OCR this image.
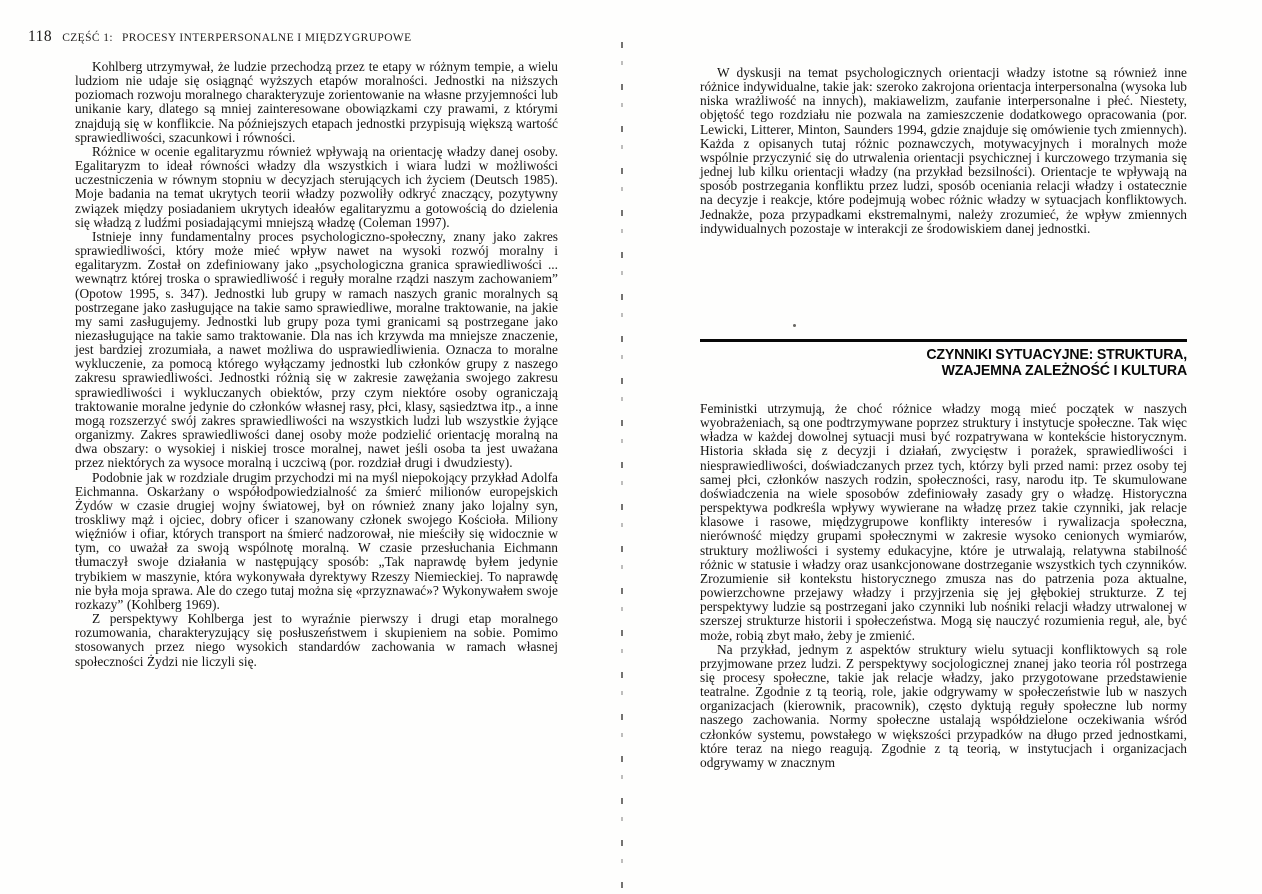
118 CZĘŚĆ 1: PROCESY INTERPERSONALNE I MIĘDZYGRUPOWE

Kohlberg utrzymywał, że ludzie przechodzą przez te etapy w różnym tempie, a wielu ludziom nie udaje się osiągnąć wyższych etapów moralności. Jednostki na niższych poziomach rozwoju moralnego charakteryzuje zorientowanie na własne przyjemności lub unikanie kary, dlatego są mniej zainteresowane obowiązkami czy prawami, z którymi znajdują się w konflikcie. Na późniejszych etapach jednostki przypisują większą wartość sprawiedliwości, szacunkowi i równości.

Różnice w ocenie egalitaryzmu również wpływają na orientację władzy danej osoby. Egalitaryzm to ideał równości władzy dla wszystkich i wiara ludzi w możliwości uczestniczenia w równym stopniu w decyzjach sterujących ich życiem (Deutsch 1985). Moje badania na temat ukrytych teorii władzy pozwoliły odkryć znaczący, pozytywny związek między posiadaniem ukrytych ideałów egalitaryzmu a gotowością do dzielenia się władzą z ludźmi posiadającymi mniejszą władzę (Coleman 1997).

Istnieje inny fundamentalny proces psychologiczno-społeczny, znany jako zakres sprawiedliwości, który może mieć wpływ nawet na wysoki rozwój moralny i egalitaryzm. Został on zdefiniowany jako „psychologiczna granica sprawiedliwości ... wewnątrz której troska o sprawiedliwość i reguły moralne rządzi naszym zachowaniem” (Opotow 1995, s. 347). Jednostki lub grupy w ramach naszych granic moralnych są postrzegane jako zasługujące na takie samo sprawiedliwe, moralne traktowanie, na jakie my sami zasługujemy. Jednostki lub grupy poza tymi granicami są postrzegane jako niezasługujące na takie samo traktowanie. Dla nas ich krzywda ma mniejsze znaczenie, jest bardziej zrozumiała, a nawet możliwa do usprawiedliwienia. Oznacza to moralne wykluczenie, za pomocą którego wyłączamy jednostki lub członków grupy z naszego zakresu sprawiedliwości. Jednostki różnią się w zakresie zawężania swojego zakresu sprawiedliwości i wykluczanych obiektów, przy czym niektóre osoby ograniczają traktowanie moralne jedynie do członków własnej rasy, płci, klasy, sąsiedztwa itp., a inne mogą rozszerzyć swój zakres sprawiedliwości na wszystkich ludzi lub wszystkie żyjące organizmy. Zakres sprawiedliwości danej osoby może podzielić orientację moralną na dwa obszary: o wysokiej i niskiej trosce moralnej, nawet jeśli osoba ta jest uważana przez niektórych za wysoce moralną i uczciwą (por. rozdział drugi i dwudziesty).

Podobnie jak w rozdziale drugim przychodzi mi na myśl niepokojący przykład Adolfa Eichmanna. Oskarżany o współodpowiedzialność za śmierć milionów europejskich Żydów w czasie drugiej wojny światowej, był on również znany jako lojalny syn, troskliwy mąż i ojciec, dobry oficer i szanowany członek swojego Kościoła. Miliony więźniów i ofiar, których transport na śmierć nadzorował, nie mieściły się widocznie w tym, co uważał za swoją wspólnotę moralną. W czasie przesłuchania Eichmann tłumaczył swoje działania w następujący sposób: „Tak naprawdę byłem jedynie trybikiem w maszynie, która wykonywała dyrektywy Rzeszy Niemieckiej. To naprawdę nie była moja sprawa. Ale do czego tutaj można się «przyznawać»? Wykonywałem swoje rozkazy” (Kohlberg 1969).

Z perspektywy Kohlberga jest to wyraźnie pierwszy i drugi etap moralnego rozumowania, charakteryzujący się posłuszeństwem i skupieniem na sobie. Pomimo stosowanych przez niego wysokich standardów zachowania w ramach własnej społeczności Żydzi nie liczyli się.

W dyskusji na temat psychologicznych orientacji władzy istotne są również inne różnice indywidualne, takie jak: szeroko zakrojona orientacja interpersonalna (wysoka lub niska wrażliwość na innych), makiawelizm, zaufanie interpersonalne i płeć. Niestety, objętość tego rozdziału nie pozwala na zamieszczenie dodatkowego opracowania (por. Lewicki, Litterer, Minton, Saunders 1994, gdzie znajduje się omówienie tych zmiennych). Każda z opisanych tutaj różnic poznawczych, motywacyjnych i moralnych może wspólnie przyczynić się do utrwalenia orientacji psychicznej i kurczowego trzymania się jednej lub kilku orientacji władzy (na przykład bezsilności). Orientacje te wpływają na sposób postrzegania konfliktu przez ludzi, sposób oceniania relacji władzy i ostatecznie na decyzje i reakcje, które podejmują wobec różnic władzy w sytuacjach konfliktowych. Jednakże, poza przypadkami ekstremalnymi, należy zrozumieć, że wpływ zmiennych indywidualnych pozostaje w interakcji ze środowiskiem danej jednostki.

CZYNNIKI SYTUACYJNE: STRUKTURA,
WZAJEMNA ZALEŻNOŚĆ I KULTURA

Feministki utrzymują, że choć różnice władzy mogą mieć początek w naszych wyobrażeniach, są one podtrzymywane poprzez struktury i instytucje społeczne. Tak więc władza w każdej dowolnej sytuacji musi być rozpatrywana w kontekście historycznym. Historia składa się z decyzji i działań, zwycięstw i porażek, sprawiedliwości i niesprawiedliwości, doświadczanych przez tych, którzy byli przed nami: przez osoby tej samej płci, członków naszych rodzin, społeczności, rasy, narodu itp. Te skumulowane doświadczenia na wiele sposobów zdefiniowały zasady gry o władzę. Historyczna perspektywa podkreśla wpływy wywierane na władzę przez takie czynniki, jak relacje klasowe i rasowe, międzygrupowe konflikty interesów i rywalizacja społeczna, nierówność między grupami społecznymi w zakresie wysoko cenionych wymiarów, struktury możliwości i systemy edukacyjne, które je utrwalają, relatywna stabilność różnic w statusie i władzy oraz usankcjonowane dostrzeganie wszystkich tych czynników. Zrozumienie sił kontekstu historycznego zmusza nas do patrzenia poza aktualne, powierzchowne przejawy władzy i przyjrzenia się jej głębokiej strukturze. Z tej perspektywy ludzie są postrzegani jako czynniki lub nośniki relacji władzy utrwalonej w szerszej strukturze historii i społeczeństwa. Mogą się nauczyć rozumienia reguł, ale, być może, robią zbyt mało, żeby je zmienić.

Na przykład, jednym z aspektów struktury wielu sytuacji konfliktowych są role przyjmowane przez ludzi. Z perspektywy socjologicznej znanej jako teoria ról postrzega się procesy społeczne, takie jak relacje władzy, jako przygotowane przedstawienie teatralne. Zgodnie z tą teorią, role, jakie odgrywamy w społeczeństwie lub w naszych organizacjach (kierownik, pracownik), często dyktują reguły społeczne lub normy naszego zachowania. Normy społeczne ustalają współdzielone oczekiwania wśród członków systemu, powstałego w większości przypadków na długo przed jednostkami, które teraz na niego reagują. Zgodnie z tą teorią, w instytucjach i organizacjach odgrywamy w znacznym
